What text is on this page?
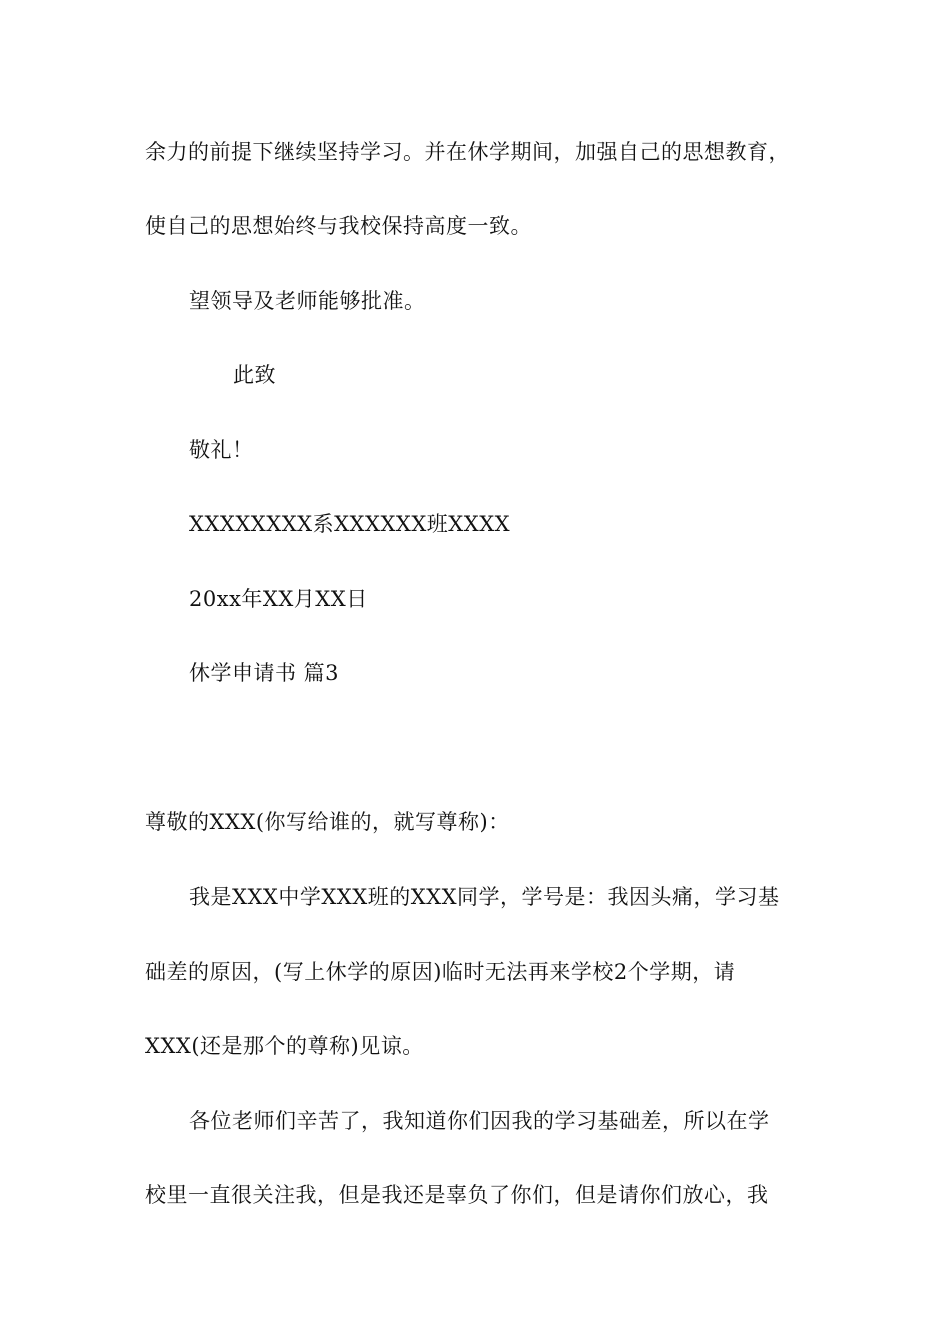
余力的前提下继续坚持学习。并在休学期间，加强自己的思想教育，
使自己的思想始终与我校保持高度一致。
望领导及老师能够批准。
此致
敬礼！
XXXXXXXX系XXXXXX班XXXX
20xx年XX月XX日
休学申请书 篇3
尊敬的XXX(你写给谁的，就写尊称)：
我是XXX中学XXX班的XXX同学，学号是：我因头痛，学习基
础差的原因，(写上休学的原因)临时无法再来学校2个学期，请
XXX(还是那个的尊称)见谅。
各位老师们辛苦了，我知道你们因我的学习基础差，所以在学
校里一直很关注我，但是我还是辜负了你们，但是请你们放心，我
